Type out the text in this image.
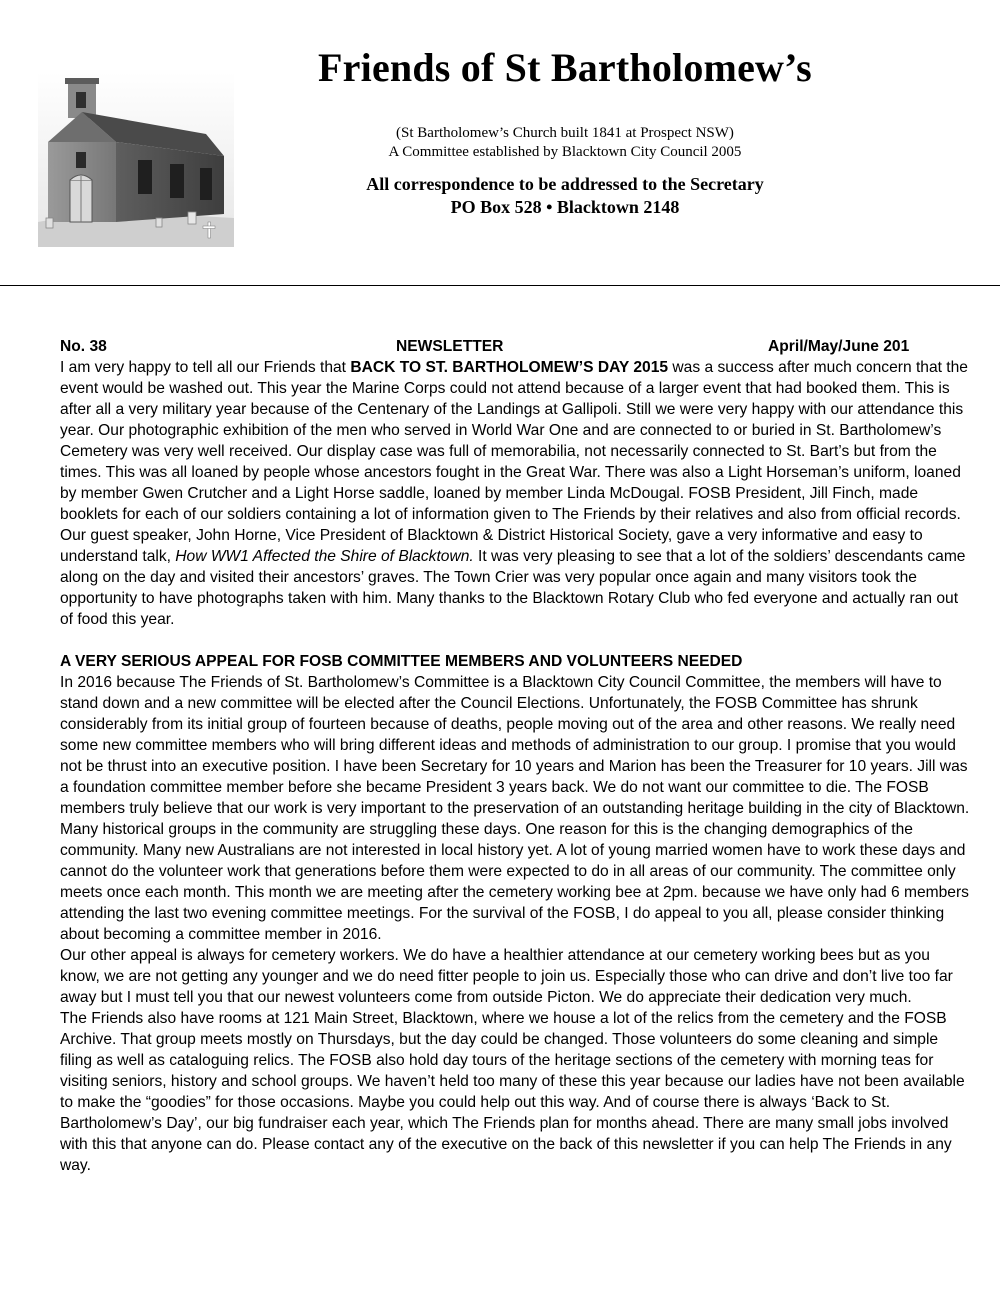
Friends of St Bartholomew’s
(St Bartholomew’s Church built 1841 at Prospect NSW)
A Committee established by Blacktown City Council 2005
All correspondence to be addressed to the Secretary
PO Box 528 • Blacktown 2148
No. 38	NEWSLETTER	April/May/June 201

I am very happy to tell all our Friends that BACK TO ST. BARTHOLOMEW’S DAY 2015 was a success after much concern that the event would be washed out. This year the Marine Corps could not attend because of a larger event that had booked them. This is after all a very military year because of the Centenary of the Landings at Gallipoli. Still we were very happy with our attendance this year. Our photographic exhibition of the men who served in World War One and are connected to or buried in St. Bartholomew’s Cemetery was very well received. Our display case was full of memorabilia, not necessarily connected to St. Bart’s but from the times. This was all loaned by people whose ancestors fought in the Great War. There was also a Light Horseman’s uniform, loaned by member Gwen Crutcher and a Light Horse saddle, loaned by member Linda McDougal. FOSB President, Jill Finch, made booklets for each of our soldiers containing a lot of information given to The Friends by their relatives and also from official records. Our guest speaker, John Horne, Vice President of Blacktown & District Historical Society, gave a very informative and easy to understand talk, How WW1 Affected the Shire of Blacktown. It was very pleasing to see that a lot of the soldiers’ descendants came along on the day and visited their ancestors’ graves. The Town Crier was very popular once again and many visitors took the opportunity to have photographs taken with him. Many thanks to the Blacktown Rotary Club who fed everyone and actually ran out of food this year.

A VERY SERIOUS APPEAL FOR FOSB COMMITTEE MEMBERS AND VOLUNTEERS NEEDED

In 2016 because The Friends of St. Bartholomew’s Committee is a Blacktown City Council Committee, the members will have to stand down and a new committee will be elected after the Council Elections. Unfortunately, the FOSB Committee has shrunk considerably from its initial group of fourteen because of deaths, people moving out of the area and other reasons. We really need some new committee members who will bring different ideas and methods of administration to our group. I promise that you would not be thrust into an executive position. I have been Secretary for 10 years and Marion has been the Treasurer for 10 years. Jill was a foundation committee member before she became President 3 years back. We do not want our committee to die. The FOSB members truly believe that our work is very important to the preservation of an outstanding heritage building in the city of Blacktown. Many historical groups in the community are struggling these days. One reason for this is the changing demographics of the community. Many new Australians are not interested in local history yet. A lot of young married women have to work these days and cannot do the volunteer work that generations before them were expected to do in all areas of our community. The committee only meets once each month. This month we are meeting after the cemetery working bee at 2pm. because we have only had 6 members attending the last two evening committee meetings. For the survival of the FOSB, I do appeal to you all, please consider thinking about becoming a committee member in 2016.

Our other appeal is always for cemetery workers. We do have a healthier attendance at our cemetery working bees but as you know, we are not getting any younger and we do need fitter people to join us. Especially those who can drive and don’t live too far away but I must tell you that our newest volunteers come from outside Picton. We do appreciate their dedication very much.

The Friends also have rooms at 121 Main Street, Blacktown, where we house a lot of the relics from the cemetery and the FOSB Archive. That group meets mostly on Thursdays, but the day could be changed. Those volunteers do some cleaning and simple filing as well as cataloguing relics. The FOSB also hold day tours of the heritage sections of the cemetery with morning teas for visiting seniors, history and school groups. We haven’t held too many of these this year because our ladies have not been available to make the “goodies” for those occasions. Maybe you could help out this way. And of course there is always ‘Back to St. Bartholomew’s Day’, our big fundraiser each year, which The Friends plan for months ahead. There are many small jobs involved with this that anyone can do. Please contact any of the executive on the back of this newsletter if you can help The Friends in any way.
